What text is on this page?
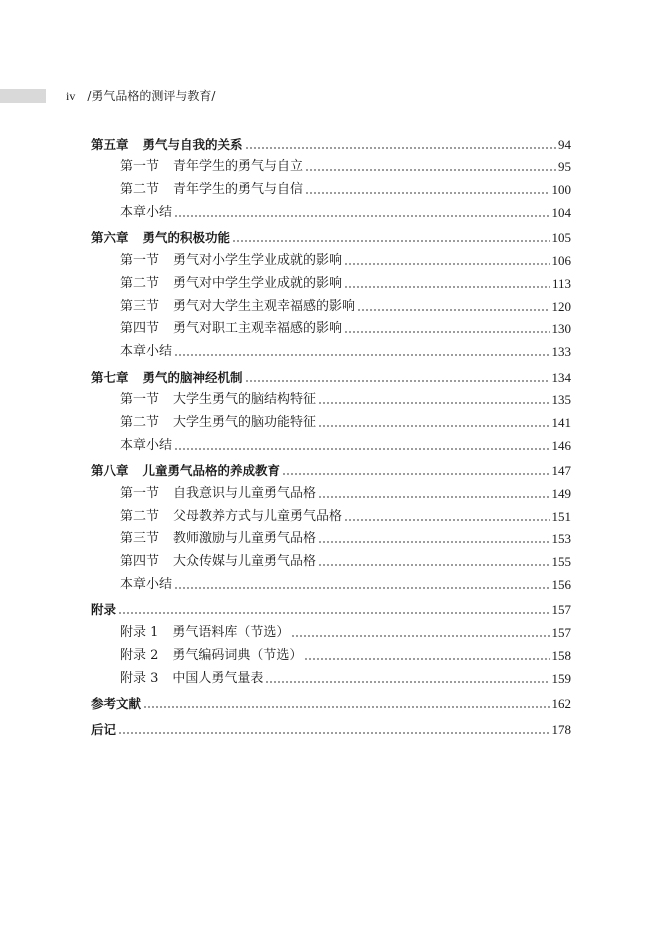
iv /勇气品格的测评与教育/
第五章 勇气与自我的关系	94
第一节 青年学生的勇气与自立	95
第二节 青年学生的勇气与自信	100
本章小结	104
第六章 勇气的积极功能	105
第一节 勇气对小学生学业成就的影响	106
第二节 勇气对中学生学业成就的影响	113
第三节 勇气对大学生主观幸福感的影响	120
第四节 勇气对职工主观幸福感的影响	130
本章小结	133
第七章 勇气的脑神经机制	134
第一节 大学生勇气的脑结构特征	135
第二节 大学生勇气的脑功能特征	141
本章小结	146
第八章 儿童勇气品格的养成教育	147
第一节 自我意识与儿童勇气品格	149
第二节 父母教养方式与儿童勇气品格	151
第三节 教师激励与儿童勇气品格	153
第四节 大众传媒与儿童勇气品格	155
本章小结	156
附录	157
附录 1 勇气语料库（节选）	157
附录 2 勇气编码词典（节选）	158
附录 3 中国人勇气量表	159
参考文献	162
后记	178
